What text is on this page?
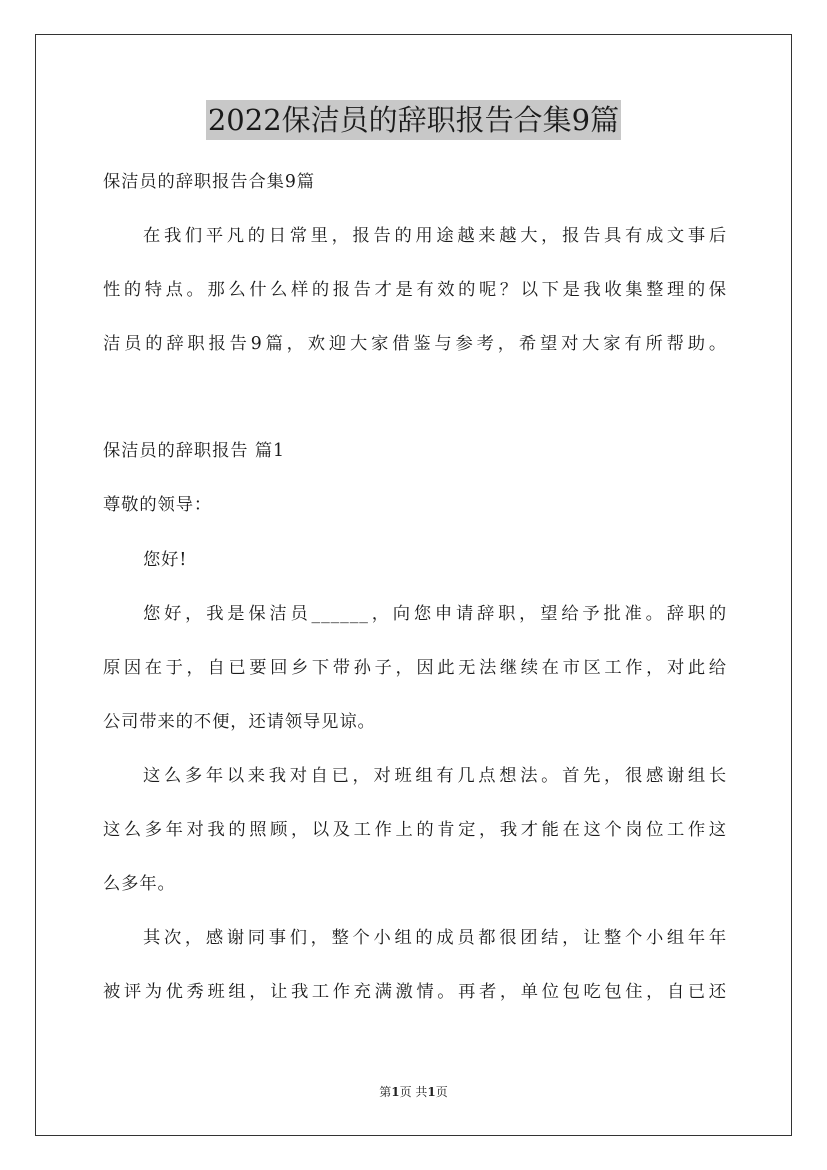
2022保洁员的辞职报告合集9篇
保洁员的辞职报告合集9篇
在我们平凡的日常里，报告的用途越来越大，报告具有成文事后
性的特点。那么什么样的报告才是有效的呢？以下是我收集整理的保
洁员的辞职报告9篇，欢迎大家借鉴与参考，希望对大家有所帮助。
保洁员的辞职报告 篇1
尊敬的领导：
您好!
您好，我是保洁员______，向您申请辞职，望给予批准。辞职的
原因在于，自已要回乡下带孙子，因此无法继续在市区工作，对此给
公司带来的不便，还请领导见谅。
这么多年以来我对自已，对班组有几点想法。首先，很感谢组长
这么多年对我的照顾，以及工作上的肯定，我才能在这个岗位工作这
么多年。
其次，感谢同事们，整个小组的成员都很团结，让整个小组年年
被评为优秀班组，让我工作充满激情。再者，单位包吃包住，自已还
第1页 共1页
